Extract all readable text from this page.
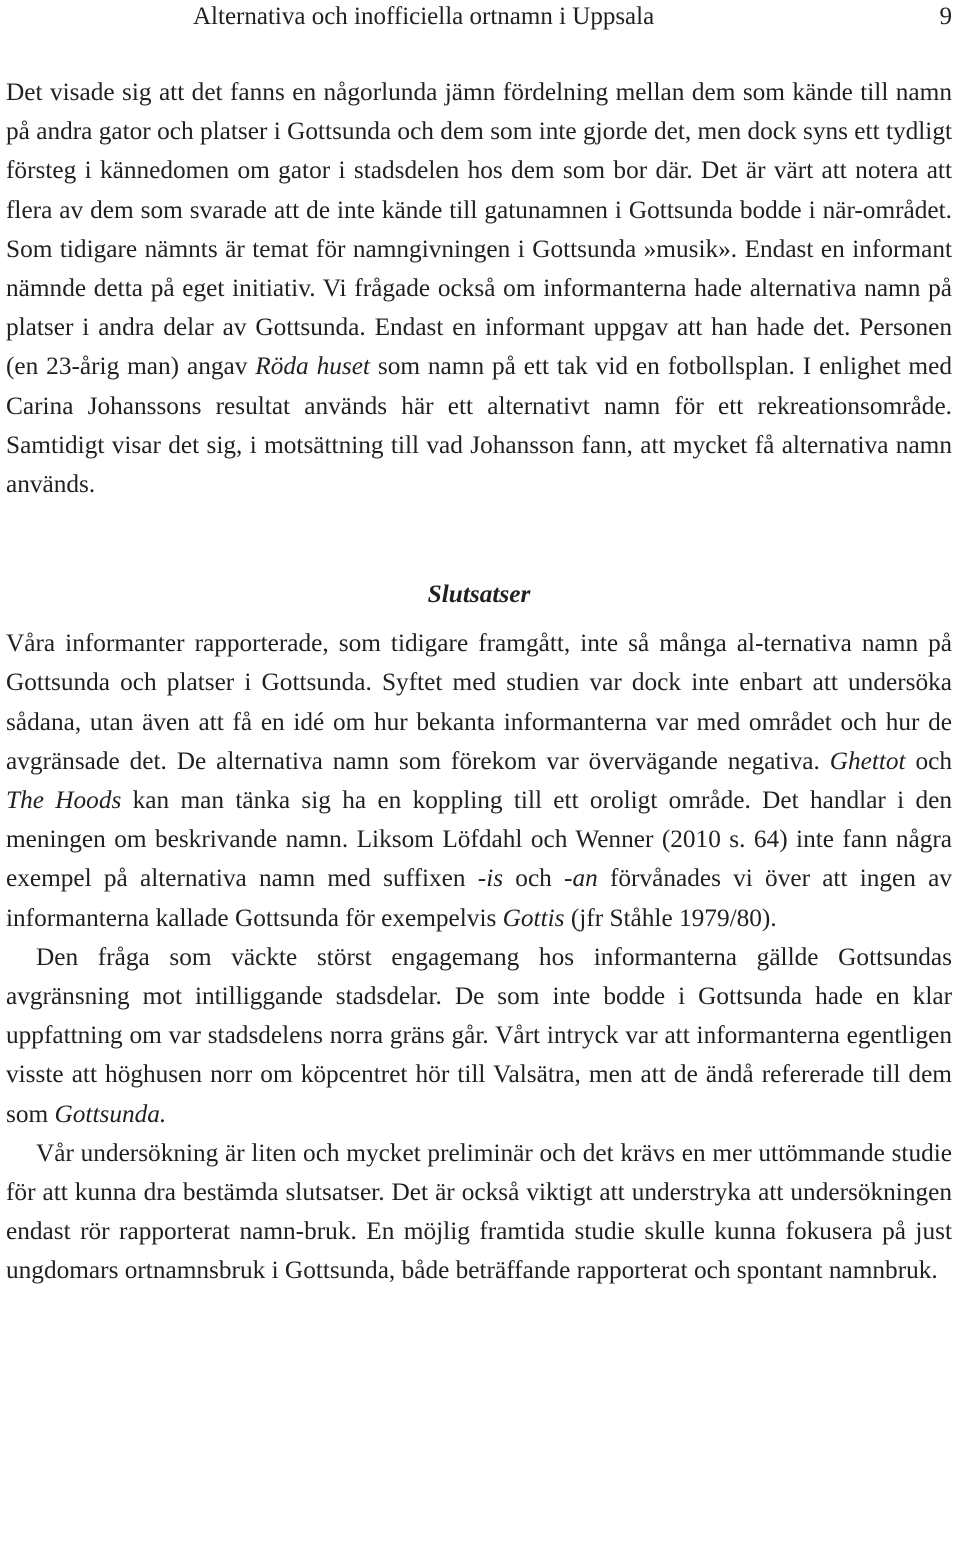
Alternativa och inofficiella ortnamn i Uppsala	9

Det visade sig att det fanns en någorlunda jämn fördelning mellan dem som kände till namn på andra gator och platser i Gottsunda och dem som inte gjorde det, men dock syns ett tydligt försteg i kännedomen om gator i stadsdelen hos dem som bor där. Det är värt att notera att flera av dem som svarade att de inte kände till gatunamnen i Gottsunda bodde i när-området. Som tidigare nämnts är temat för namngivningen i Gottsunda »musik». Endast en informant nämnde detta på eget initiativ. Vi frågade också om informanterna hade alternativa namn på platser i andra delar av Gottsunda. Endast en informant uppgav att han hade det. Personen (en 23-årig man) angav Röda huset som namn på ett tak vid en fotbollsplan. I enlighet med Carina Johanssons resultat används här ett alternativt namn för ett rekreationsområde. Samtidigt visar det sig, i motsättning till vad Johansson fann, att mycket få alternativa namn används.

Slutsatser

Våra informanter rapporterade, som tidigare framgått, inte så många al-ternativa namn på Gottsunda och platser i Gottsunda. Syftet med studien var dock inte enbart att undersöka sådana, utan även att få en idé om hur bekanta informanterna var med området och hur de avgränsade det. De alternativa namn som förekom var övervägande negativa. Ghettot och The Hoods kan man tänka sig ha en koppling till ett oroligt område. Det handlar i den meningen om beskrivande namn. Liksom Löfdahl och Wenner (2010 s. 64) inte fann några exempel på alternativa namn med suffixen -is och -an förvånades vi över att ingen av informanterna kallade Gottsunda för exempelvis Gottis (jfr Ståhle 1979/80).

Den fråga som väckte störst engagemang hos informanterna gällde Gottsundas avgränsning mot intilliggande stadsdelar. De som inte bodde i Gottsunda hade en klar uppfattning om var stadsdelens norra gräns går. Vårt intryck var att informanterna egentligen visste att höghusen norr om köpcentret hör till Valsätra, men att de ändå refererade till dem som Gottsunda.

Vår undersökning är liten och mycket preliminär och det krävs en mer uttömmande studie för att kunna dra bestämda slutsatser. Det är också viktigt att understryka att undersökningen endast rör rapporterat namn-bruk. En möjlig framtida studie skulle kunna fokusera på just ungdomars ortnamnsbruk i Gottsunda, både beträffande rapporterat och spontant namnbruk.
